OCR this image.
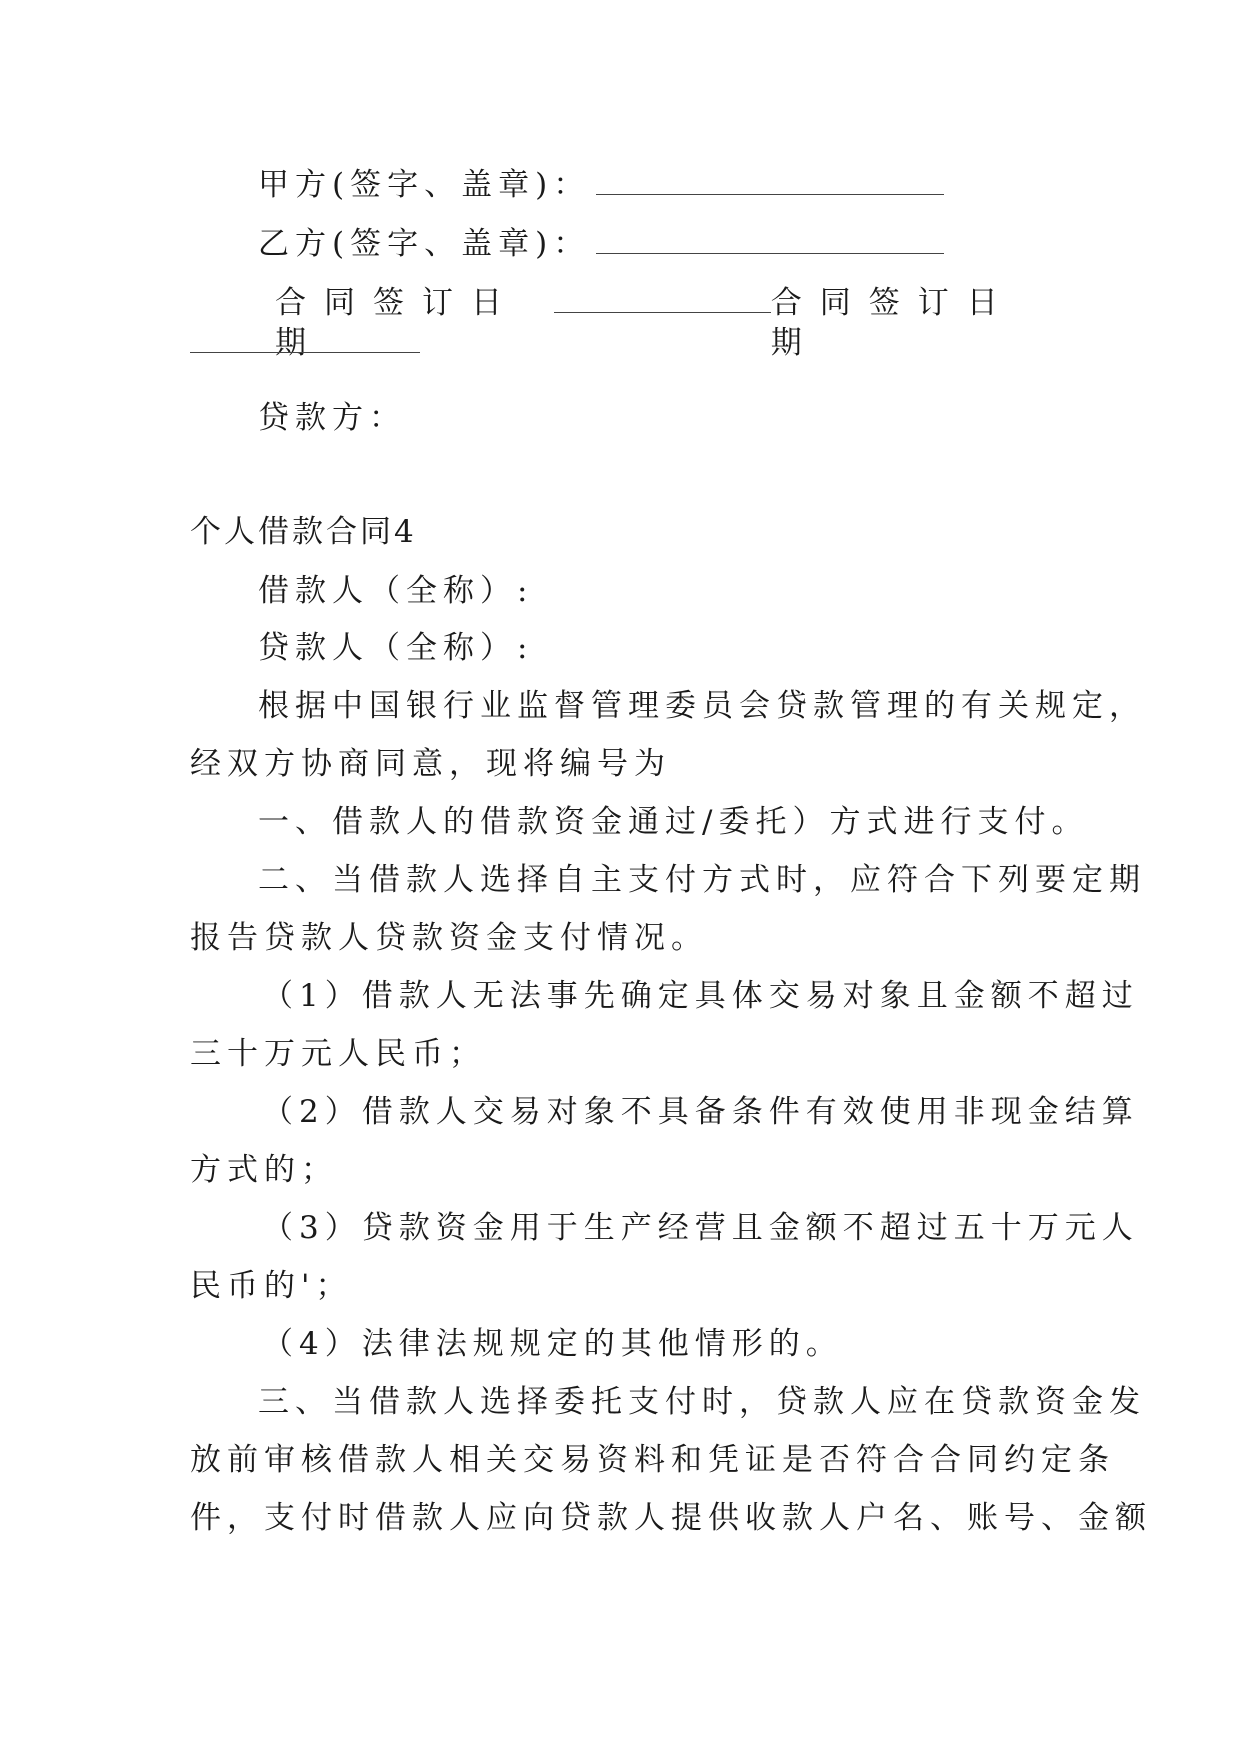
甲方(签字、盖章)：
乙方(签字、盖章)：
合同签订日期
合同签订日期
贷款方：
个人借款合同4
借款人（全称）:
贷款人（全称）:
根据中国银行业监督管理委员会贷款管理的有关规定，
经双方协商同意，现将编号为
一、借款人的借款资金通过/委托）方式进行支付。
二、当借款人选择自主支付方式时，应符合下列要定期
报告贷款人贷款资金支付情况。
（1）借款人无法事先确定具体交易对象且金额不超过
三十万元人民币；
（2）借款人交易对象不具备条件有效使用非现金结算
方式的；
（3）贷款资金用于生产经营且金额不超过五十万元人
民币的'；
（4）法律法规规定的其他情形的。
三、当借款人选择委托支付时，贷款人应在贷款资金发
放前审核借款人相关交易资料和凭证是否符合合同约定条
件，支付时借款人应向贷款人提供收款人户名、账号、金额
